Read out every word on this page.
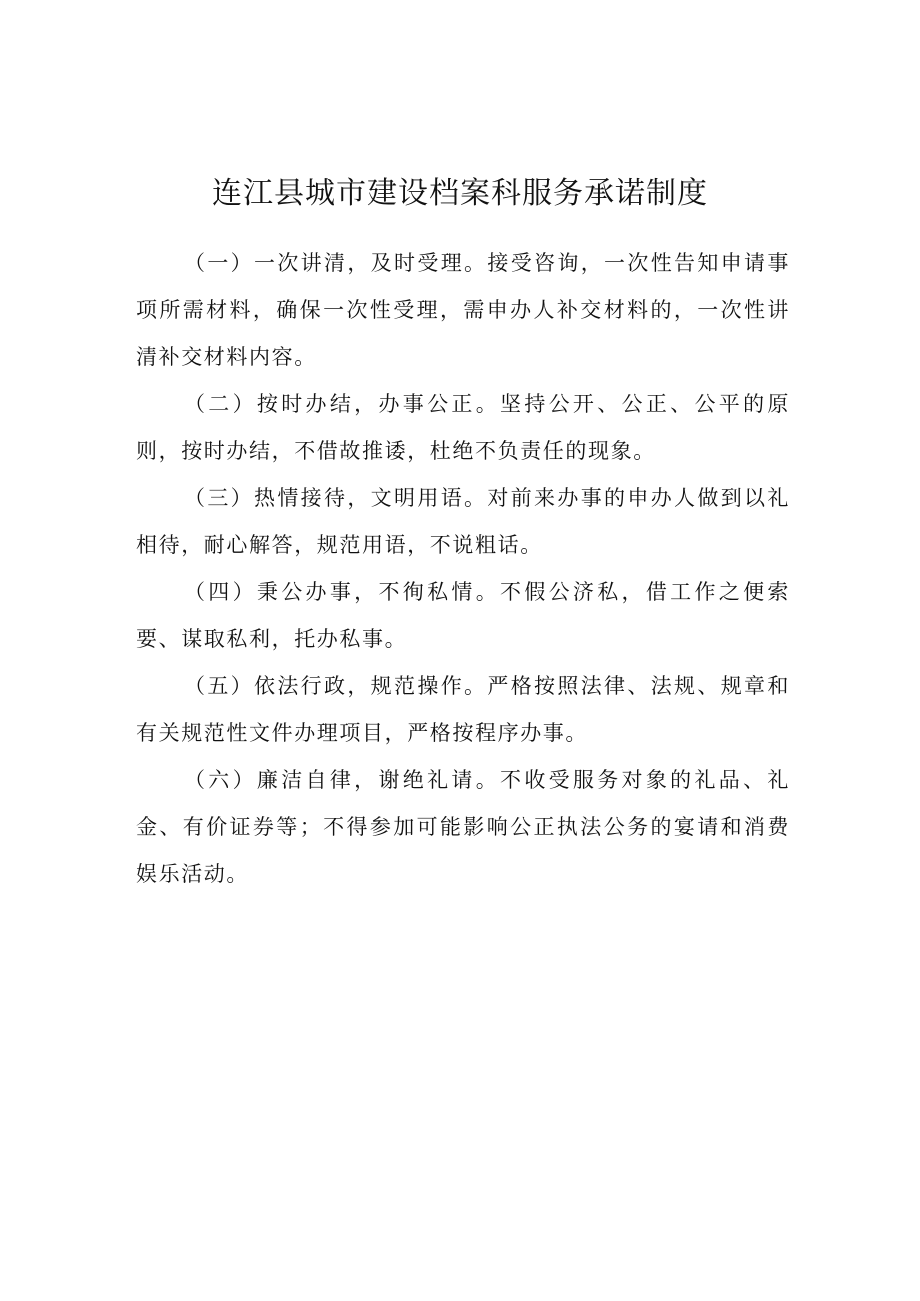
连江县城市建设档案科服务承诺制度

（一）一次讲清，及时受理。接受咨询，一次性告知申请事项所需材料，确保一次性受理，需申办人补交材料的，一次性讲清补交材料内容。

（二）按时办结，办事公正。坚持公开、公正、公平的原则，按时办结，不借故推诿，杜绝不负责任的现象。

（三）热情接待，文明用语。对前来办事的申办人做到以礼相待，耐心解答，规范用语，不说粗话。

（四）秉公办事，不徇私情。不假公济私，借工作之便索要、谋取私利，托办私事。

（五）依法行政，规范操作。严格按照法律、法规、规章和有关规范性文件办理项目，严格按程序办事。

（六）廉洁自律，谢绝礼请。不收受服务对象的礼品、礼金、有价证券等；不得参加可能影响公正执法公务的宴请和消费娱乐活动。
